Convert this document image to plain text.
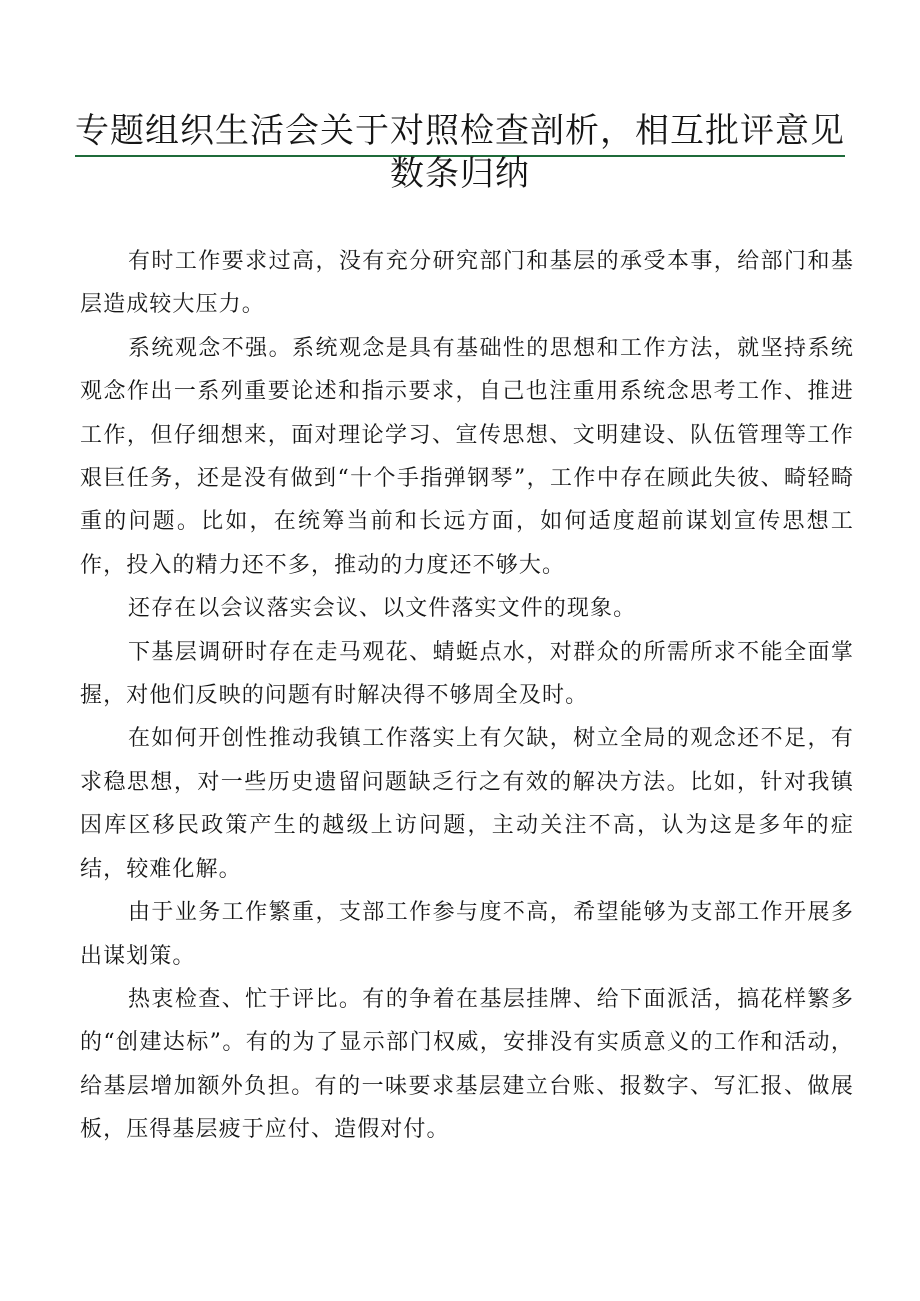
专题组织生活会关于对照检查剖析，相互批评意见
数条归纳

有时工作要求过高，没有充分研究部门和基层的承受本事，给部门和基层造成较大压力。

系统观念不强。系统观念是具有基础性的思想和工作方法，就坚持系统观念作出一系列重要论述和指示要求，自己也注重用系统念思考工作、推进工作，但仔细想来，面对理论学习、宣传思想、文明建设、队伍管理等工作艰巨任务，还是没有做到“十个手指弹钢琴”，工作中存在顾此失彼、畸轻畸重的问题。比如，在统筹当前和长远方面，如何适度超前谋划宣传思想工作，投入的精力还不多，推动的力度还不够大。

还存在以会议落实会议、以文件落实文件的现象。

下基层调研时存在走马观花、蜻蜓点水，对群众的所需所求不能全面掌握，对他们反映的问题有时解决得不够周全及时。

在如何开创性推动我镇工作落实上有欠缺，树立全局的观念还不足，有求稳思想，对一些历史遗留问题缺乏行之有效的解决方法。比如，针对我镇因库区移民政策产生的越级上访问题，主动关注不高，认为这是多年的症结，较难化解。

由于业务工作繁重，支部工作参与度不高，希望能够为支部工作开展多出谋划策。

热衷检查、忙于评比。有的争着在基层挂牌、给下面派活，搞花样繁多的“创建达标”。有的为了显示部门权威，安排没有实质意义的工作和活动，给基层增加额外负担。有的一味要求基层建立台账、报数字、写汇报、做展板，压得基层疲于应付、造假对付。
